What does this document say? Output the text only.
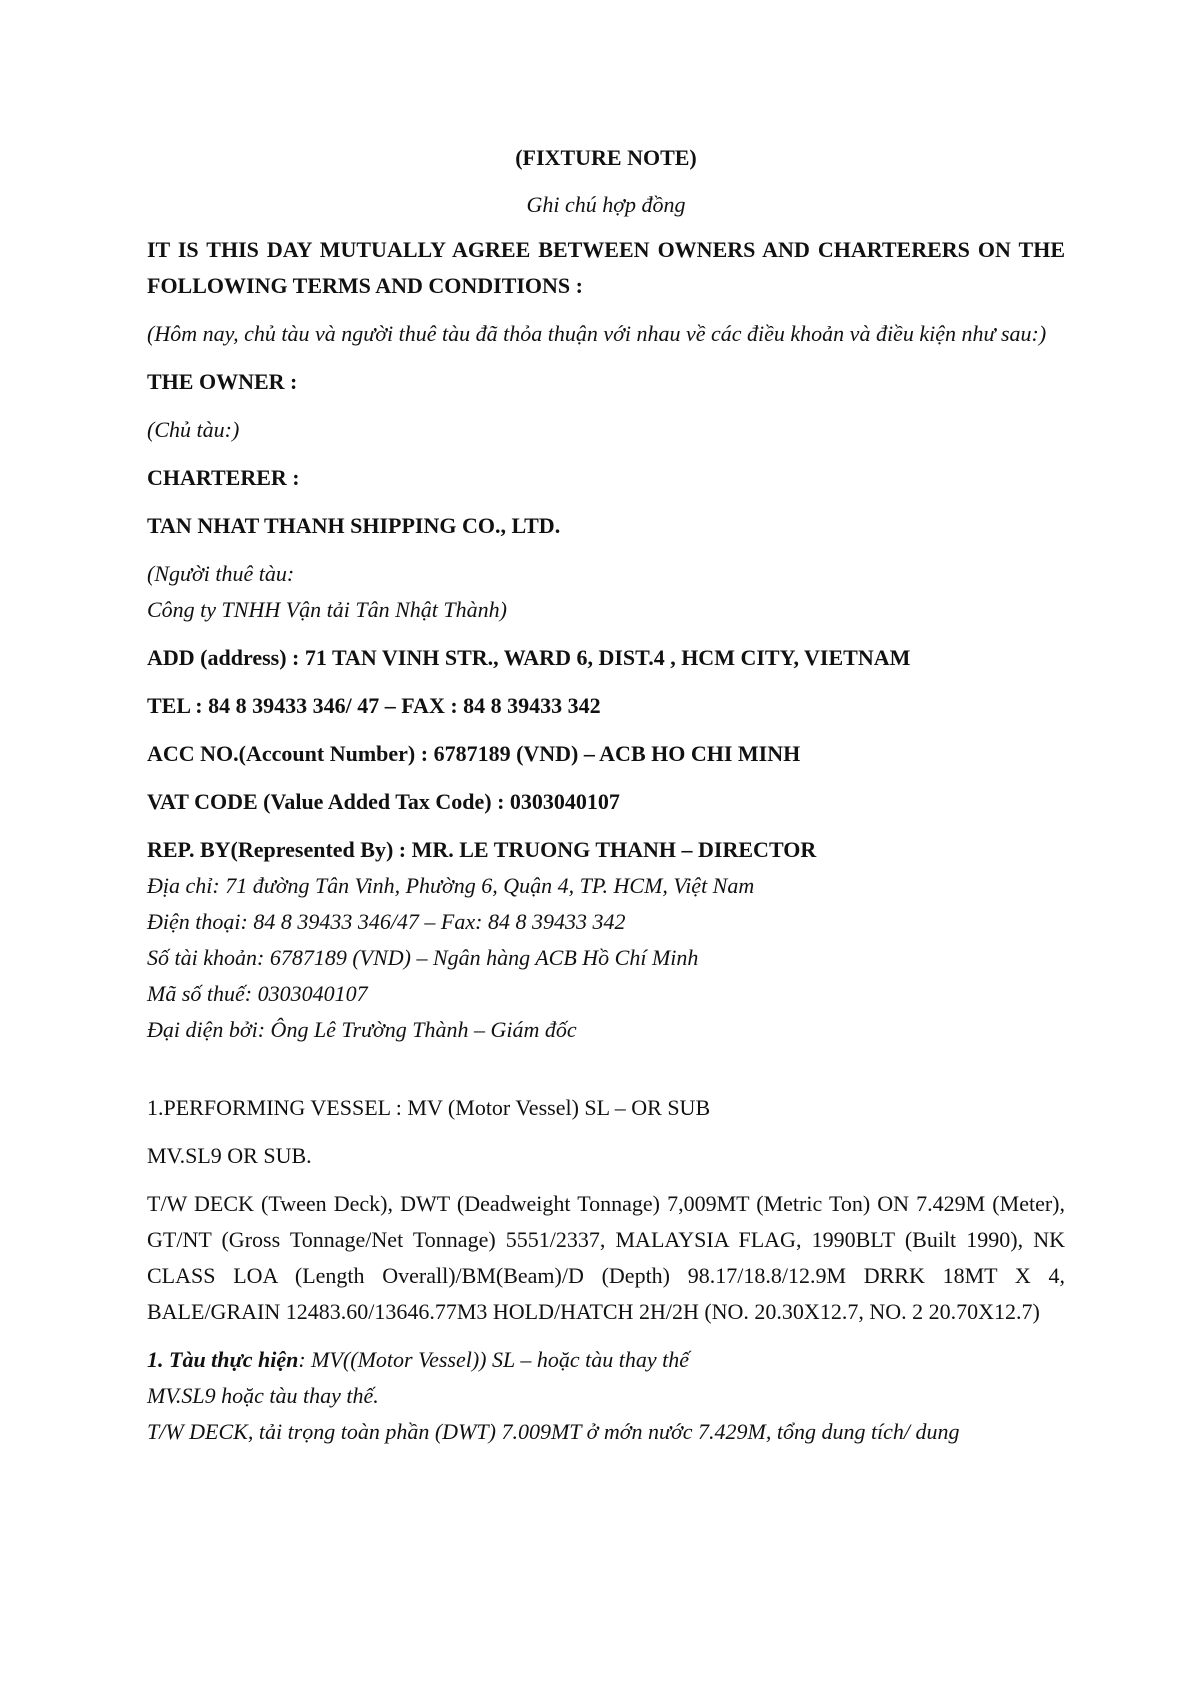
(FIXTURE NOTE)

Ghi chú hợp đồng

IT IS THIS DAY MUTUALLY AGREE BETWEEN OWNERS AND CHARTERERS ON THE FOLLOWING TERMS AND CONDITIONS :

(Hôm nay, chủ tàu và người thuê tàu đã thỏa thuận với nhau về các điều khoản và điều kiện như sau:)

THE OWNER :

(Chủ tàu:)

CHARTERER :

TAN NHAT THANH SHIPPING CO., LTD.

(Người thuê tàu:

Công ty TNHH Vận tải Tân Nhật Thành)

ADD (address) : 71 TAN VINH STR., WARD 6, DIST.4 , HCM CITY, VIETNAM

TEL : 84 8 39433 346/ 47 – FAX : 84 8 39433 342

ACC NO.(Account Number) : 6787189 (VND) – ACB HO CHI MINH

VAT CODE (Value Added Tax Code) : 0303040107

REP. BY(Represented By) : MR. LE TRUONG THANH – DIRECTOR

Địa chỉ: 71 đường Tân Vinh, Phường 6, Quận 4, TP. HCM, Việt Nam

Điện thoại: 84 8 39433 346/47 – Fax: 84 8 39433 342

Số tài khoản: 6787189 (VND) – Ngân hàng ACB Hồ Chí Minh

Mã số thuế: 0303040107

Đại diện bởi: Ông Lê Trường Thành – Giám đốc

1.PERFORMING VESSEL : MV (Motor Vessel) SL – OR SUB

MV.SL9 OR SUB.

T/W DECK (Tween Deck), DWT (Deadweight Tonnage) 7,009MT (Metric Ton) ON 7.429M (Meter), GT/NT (Gross Tonnage/Net Tonnage) 5551/2337, MALAYSIA FLAG, 1990BLT (Built 1990), NK CLASS LOA (Length Overall)/BM(Beam)/D (Depth) 98.17/18.8/12.9M DRRK 18MT X 4, BALE/GRAIN 12483.60/13646.77M3 HOLD/HATCH 2H/2H (NO. 20.30X12.7, NO. 2 20.70X12.7)

1. Tàu thực hiện: MV((Motor Vessel)) SL – hoặc tàu thay thế

MV.SL9 hoặc tàu thay thế.

T/W DECK, tải trọng toàn phần (DWT) 7.009MT ở mớn nước 7.429M, tổng dung tích/ dung
